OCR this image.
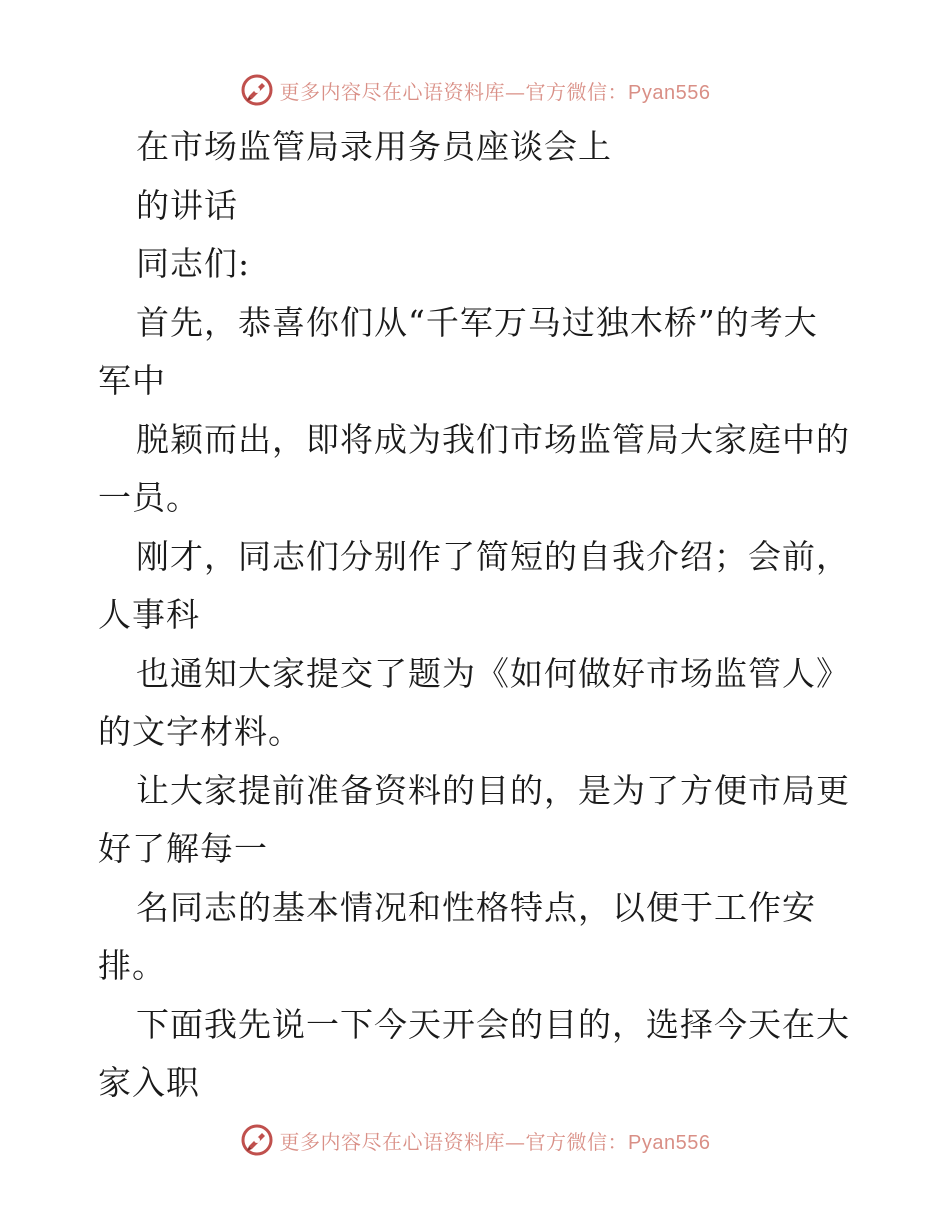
更多内容尽在心语资料库—官方微信：Pyan556
在市场监管局录用务员座谈会上
的讲话
同志们:
首先，恭喜你们从“千军万马过独木桥”的考大
军中
脱颖而出，即将成为我们市场监管局大家庭中的
一员。
刚才，同志们分别作了简短的自我介绍；会前，
人事科
也通知大家提交了题为《如何做好市场监管人》
的文字材料。
让大家提前准备资料的目的，是为了方便市局更
好了解每一
名同志的基本情况和性格特点，以便于工作安
排。
下面我先说一下今天开会的目的，选择今天在大
家入职
更多内容尽在心语资料库—官方微信：Pyan556
